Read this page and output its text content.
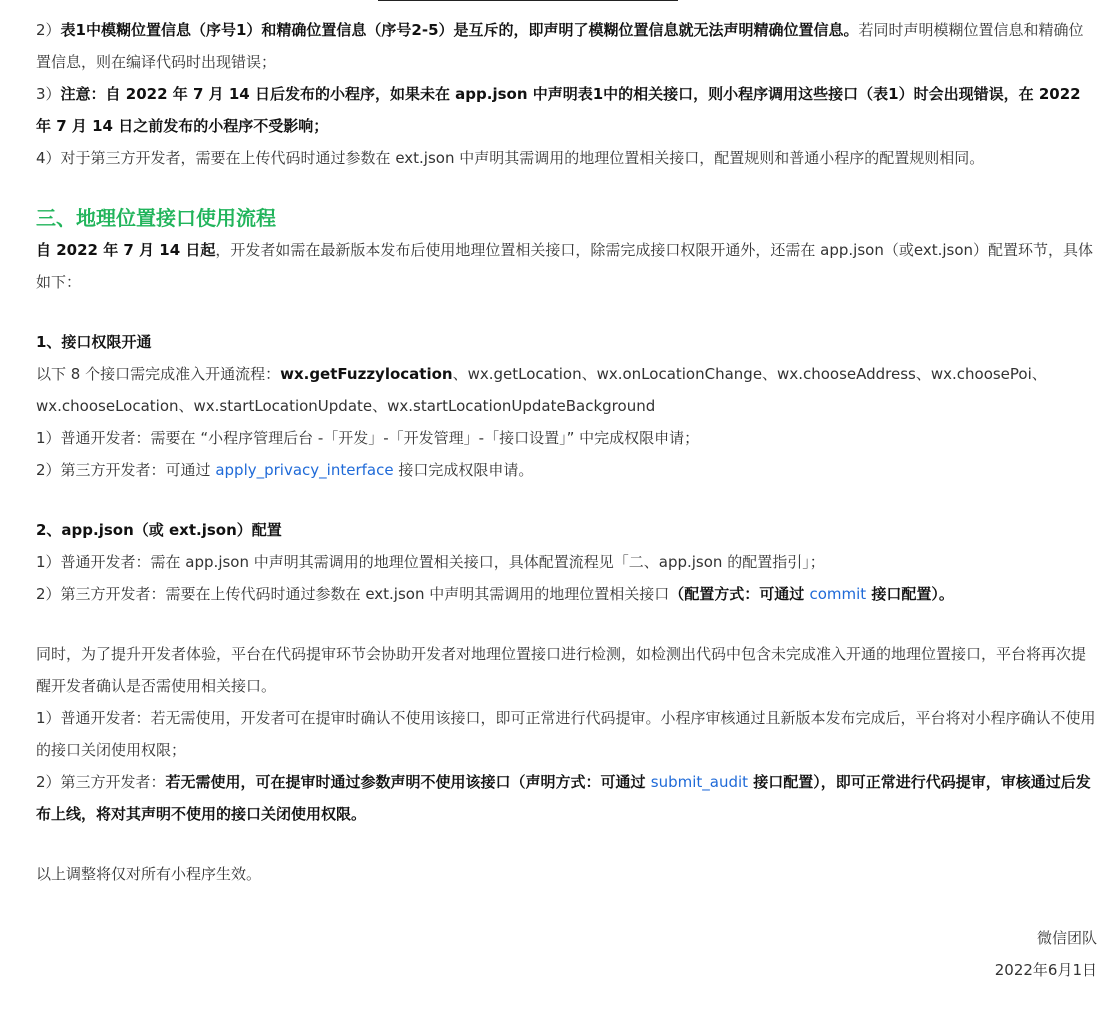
2）表1中模糊位置信息（序号1）和精确位置信息（序号2-5）是互斥的，即声明了模糊位置信息就无法声明精确位置信息。若同时声明模糊位置信息和精确位置信息，则在编译代码时出现错误；

3）注意：自 2022 年 7 月 14 日后发布的小程序，如果未在 app.json 中声明表1中的相关接口，则小程序调用这些接口（表1）时会出现错误，在 2022 年 7 月 14 日之前发布的小程序不受影响；

4）对于第三方开发者，需要在上传代码时通过参数在 ext.json 中声明其需调用的地理位置相关接口，配置规则和普通小程序的配置规则相同。

三、地理位置接口使用流程

自 2022 年 7 月 14 日起，开发者如需在最新版本发布后使用地理位置相关接口，除需完成接口权限开通外，还需在 app.json（或ext.json）配置环节，具体如下：

1、接口权限开通

以下 8 个接口需完成准入开通流程：wx.getFuzzylocation、wx.getLocation、wx.onLocationChange、wx.chooseAddress、wx.choosePoi、wx.chooseLocation、wx.startLocationUpdate、wx.startLocationUpdateBackground

1）普通开发者：需要在 “小程序管理后台 -「开发」-「开发管理」-「接口设置」” 中完成权限申请；

2）第三方开发者：可通过 apply_privacy_interface 接口完成权限申请。

2、app.json（或 ext.json）配置

1）普通开发者：需在 app.json 中声明其需调用的地理位置相关接口，具体配置流程见「二、app.json 的配置指引」；

2）第三方开发者：需要在上传代码时通过参数在 ext.json 中声明其需调用的地理位置相关接口（配置方式：可通过 commit 接口配置）。

同时，为了提升开发者体验，平台在代码提审环节会协助开发者对地理位置接口进行检测，如检测出代码中包含未完成准入开通的地理位置接口，平台将再次提醒开发者确认是否需使用相关接口。

1）普通开发者：若无需使用，开发者可在提审时确认不使用该接口，即可正常进行代码提审。小程序审核通过且新版本发布完成后，平台将对小程序确认不使用的接口关闭使用权限；

2）第三方开发者：若无需使用，可在提审时通过参数声明不使用该接口（声明方式：可通过 submit_audit 接口配置），即可正常进行代码提审，审核通过后发布上线，将对其声明不使用的接口关闭使用权限。

以上调整将仅对所有小程序生效。

微信团队

2022年6月1日
